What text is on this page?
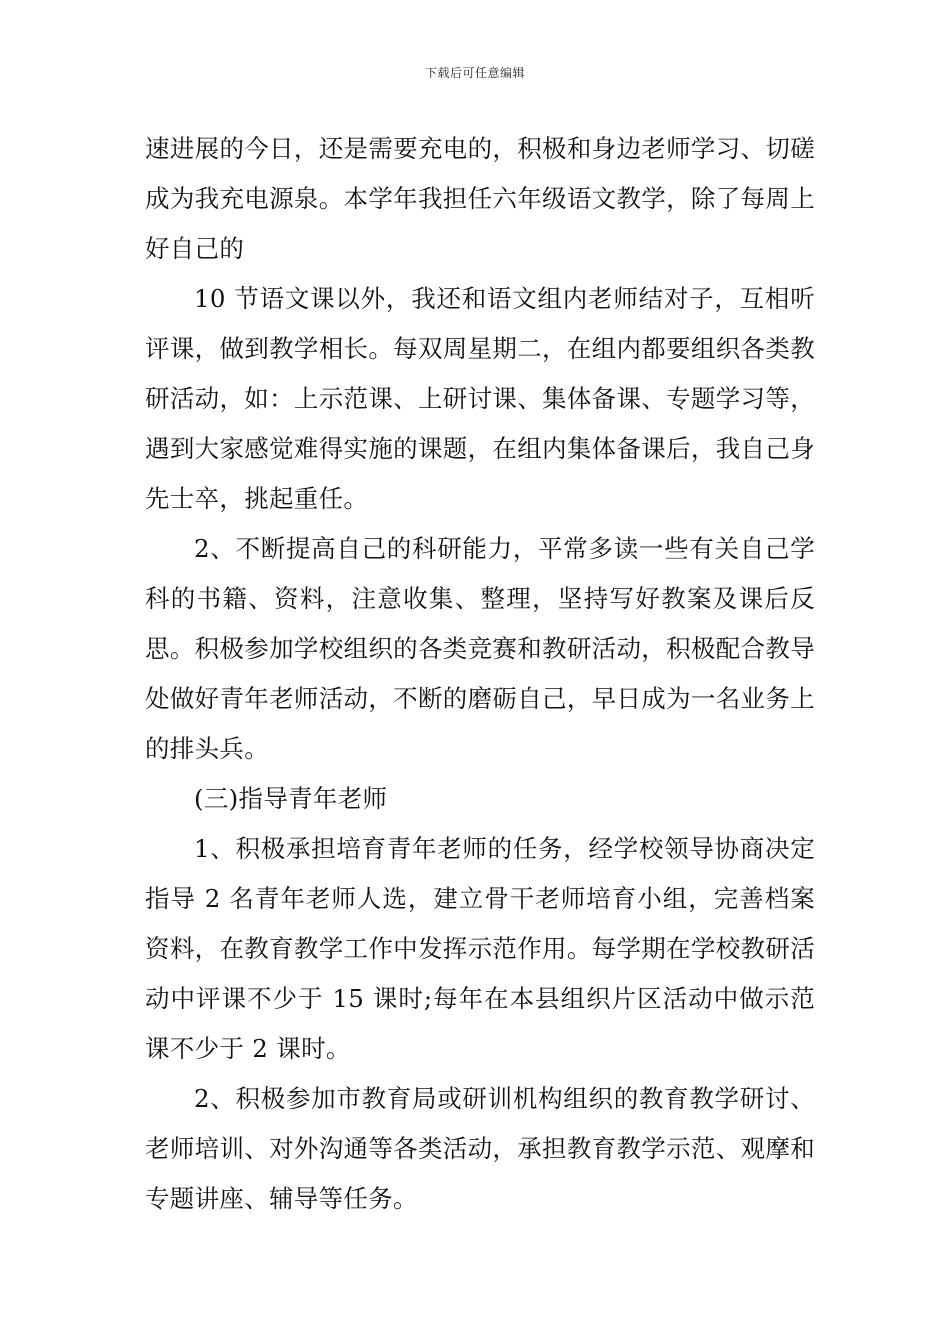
下载后可任意编辑

速进展的今日，还是需要充电的，积极和身边老师学习、切磋成为我充电源泉。本学年我担任六年级语文教学，除了每周上好自己的

10 节语文课以外，我还和语文组内老师结对子，互相听评课，做到教学相长。每双周星期二，在组内都要组织各类教研活动，如：上示范课、上研讨课、集体备课、专题学习等，遇到大家感觉难得实施的课题，在组内集体备课后，我自己身先士卒，挑起重任。

2、不断提高自己的科研能力，平常多读一些有关自己学科的书籍、资料，注意收集、整理，坚持写好教案及课后反思。积极参加学校组织的各类竞赛和教研活动，积极配合教导处做好青年老师活动，不断的磨砺自己，早日成为一名业务上的排头兵。

(三)指导青年老师

1、积极承担培育青年老师的任务，经学校领导协商决定指导 2 名青年老师人选，建立骨干老师培育小组，完善档案资料，在教育教学工作中发挥示范作用。每学期在学校教研活动中评课不少于 15 课时;每年在本县组织片区活动中做示范课不少于 2 课时。

2、积极参加市教育局或研训机构组织的教育教学研讨、老师培训、对外沟通等各类活动，承担教育教学示范、观摩和专题讲座、辅导等任务。
